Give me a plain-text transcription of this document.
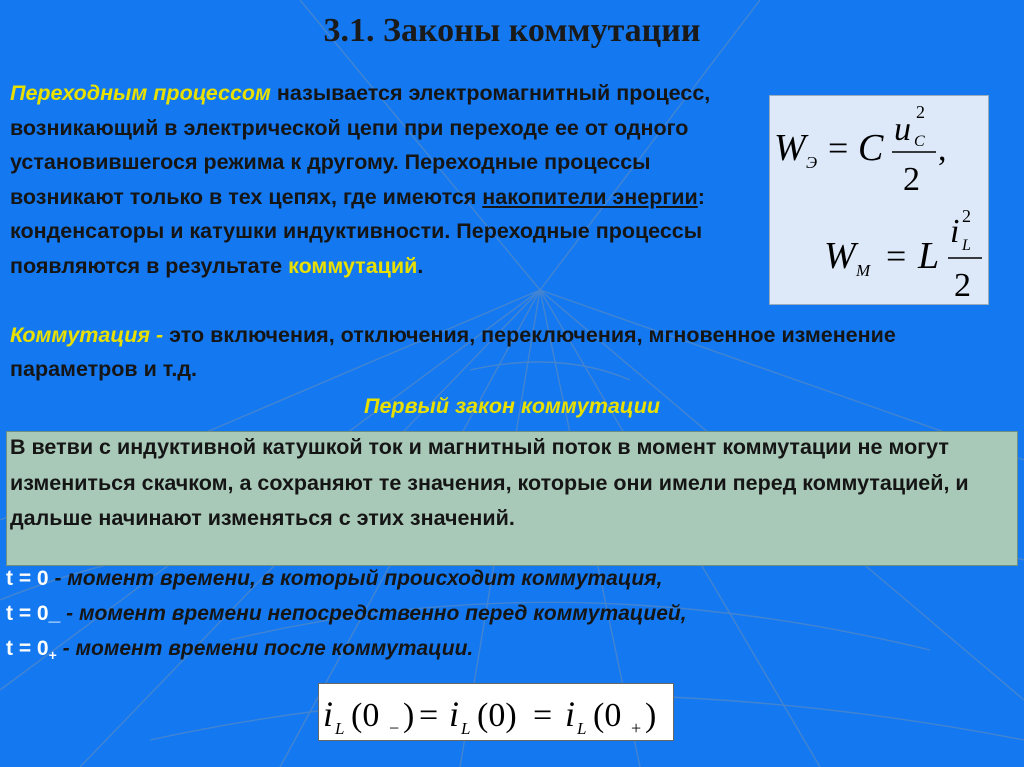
3.1. Законы коммутации
Переходным процессом называется электромагнитный процесс, возникающий в электрической цепи при переходе ее от одного установившегося режима к другому. Переходные процессы возникают только в тех цепях, где имеются накопители энергии: конденсаторы и катушки индуктивности. Переходные процессы появляются в результате коммутаций.
W Э = C u C
2
2
,
W M = L
i L
2
2
Коммутация - это включения, отключения, переключения, мгновенное изменение параметров и т.д.
Первый закон коммутации
В ветви с индуктивной катушкой ток и магнитный поток в момент коммутации не могут измениться скачком, а сохраняют те значения, которые они имели перед коммутацией, и дальше начинают изменяться с этих значений.
t = 0 - момент времени, в который происходит коммутация,
t = 0_ - момент времени непосредственно перед коммутацией,
$t = 0_+$ - момент времени после коммутации.
i L (0 − ) = i L (0) = i L (0 + )
